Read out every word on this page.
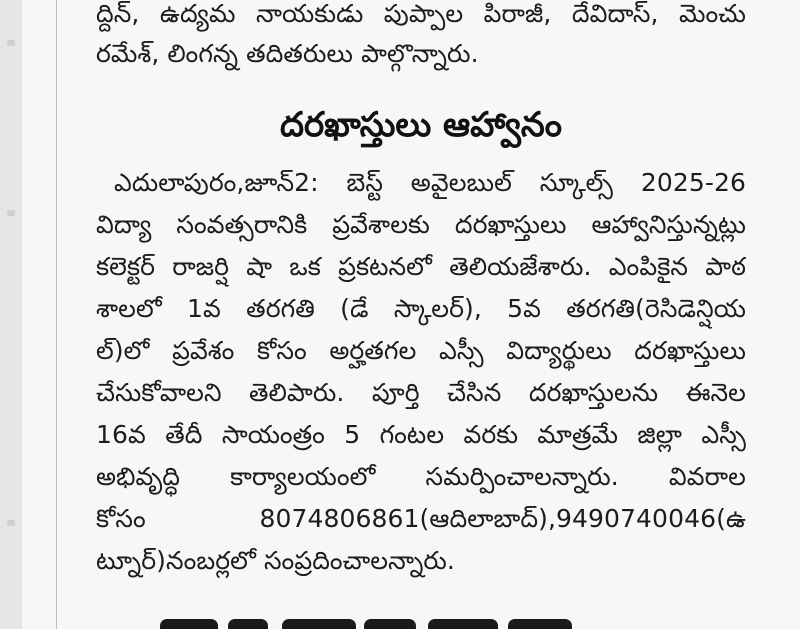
ద్దిన్, ఉద్యమ నాయకుడు పుప్పాల పిరాజీ, దేవిదాస్, మెంచు
రమేశ్, లింగన్న తదితరులు పాల్గొన్నారు.
దరఖాస్తులు ఆహ్వానం
ఎదులాపురం,జూన్2: బెస్ట్ అవైలబుల్ స్కూల్స్ 2025-26
విద్యా సంవత్సరానికి ప్రవేశాలకు దరఖాస్తులు ఆహ్వానిస్తున్నట్లు
కలెక్టర్ రాజర్షి షా ఒక ప్రకటనలో తెలియజేశారు. ఎంపికైన పాఠ
శాలలో 1వ తరగతి (డే స్కాలర్), 5వ తరగతి(రెసిడెన్షియ
ల్)లో ప్రవేశం కోసం అర్హతగల ఎస్సీ విద్యార్థులు దరఖాస్తులు
చేసుకోవాలని తెలిపారు. పూర్తి చేసిన దరఖాస్తులను ఈనెల
16వ తేదీ సాయంత్రం 5 గంటల వరకు మాత్రమే జిల్లా ఎస్సీ
అభివృద్ధి కార్యాలయంలో సమర్పించాలన్నారు. వివరాల
కోసం 8074806861(ఆదిలాబాద్),9490740046(ఉ
ట్నూర్)నంబర్లలో సంప్రదించాలన్నారు.
